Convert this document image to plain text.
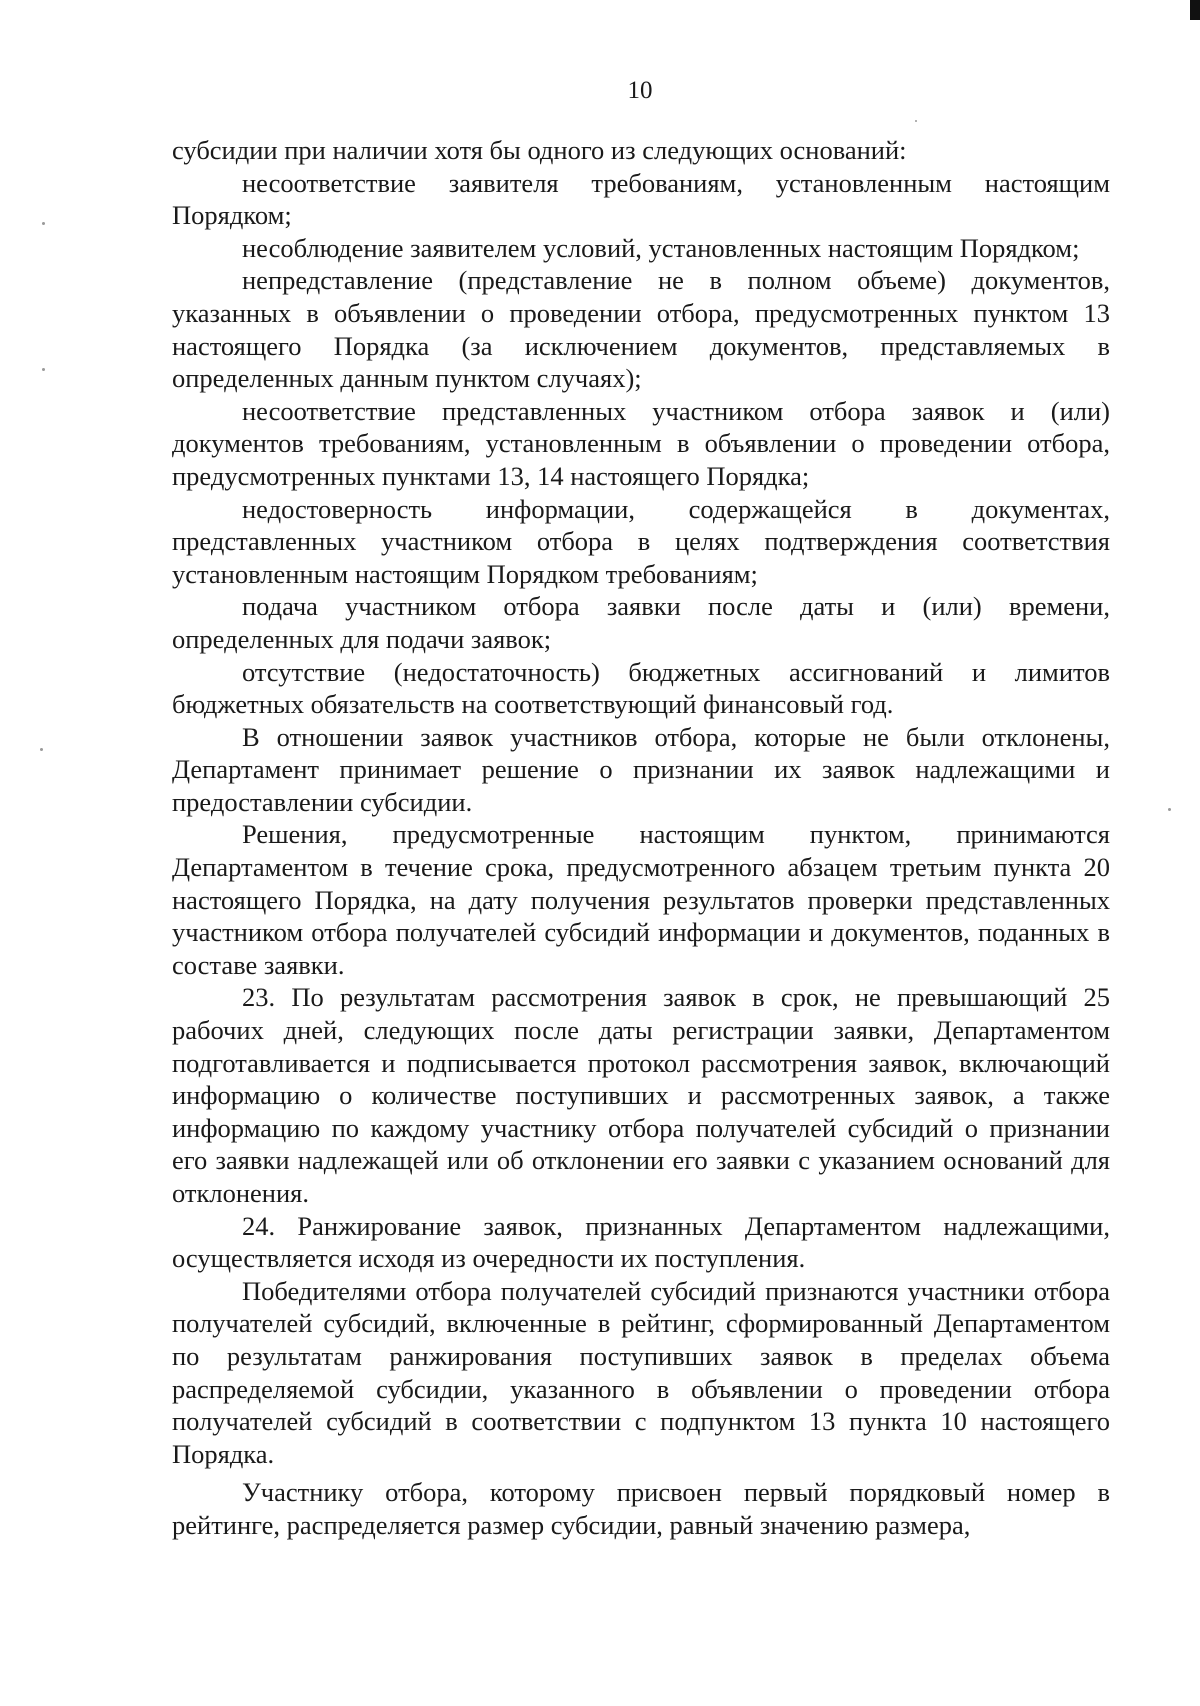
10

субсидии при наличии хотя бы одного из следующих оснований:

несоответствие заявителя требованиям, установленным настоящим Порядком;

несоблюдение заявителем условий, установленных настоящим Порядком;

непредставление (представление не в полном объеме) документов, указанных в объявлении о проведении отбора, предусмотренных пунктом 13 настоящего Порядка (за исключением документов, представляемых в определенных данным пунктом случаях);

несоответствие представленных участником отбора заявок и (или) документов требованиям, установленным в объявлении о проведении отбора, предусмотренных пунктами 13, 14 настоящего Порядка;

недостоверность информации, содержащейся в документах, представленных участником отбора в целях подтверждения соответствия установленным настоящим Порядком требованиям;

подача участником отбора заявки после даты и (или) времени, определенных для подачи заявок;

отсутствие (недостаточность) бюджетных ассигнований и лимитов бюджетных обязательств на соответствующий финансовый год.

В отношении заявок участников отбора, которые не были отклонены, Департамент принимает решение о признании их заявок надлежащими и предоставлении субсидии.

Решения, предусмотренные настоящим пунктом, принимаются Департаментом в течение срока, предусмотренного абзацем третьим пункта 20 настоящего Порядка, на дату получения результатов проверки представленных участником отбора получателей субсидий информации и документов, поданных в составе заявки.

23. По результатам рассмотрения заявок в срок, не превышающий 25 рабочих дней, следующих после даты регистрации заявки, Департаментом подготавливается и подписывается протокол рассмотрения заявок, включающий информацию о количестве поступивших и рассмотренных заявок, а также информацию по каждому участнику отбора получателей субсидий о признании его заявки надлежащей или об отклонении его заявки с указанием оснований для отклонения.

24. Ранжирование заявок, признанных Департаментом надлежащими, осуществляется исходя из очередности их поступления.

Победителями отбора получателей субсидий признаются участники отбора получателей субсидий, включенные в рейтинг, сформированный Департаментом по результатам ранжирования поступивших заявок в пределах объема распределяемой субсидии, указанного в объявлении о проведении отбора получателей субсидий в соответствии с подпунктом 13 пункта 10 настоящего Порядка.

Участнику отбора, которому присвоен первый порядковый номер в рейтинге, распределяется размер субсидии, равный значению размера,
